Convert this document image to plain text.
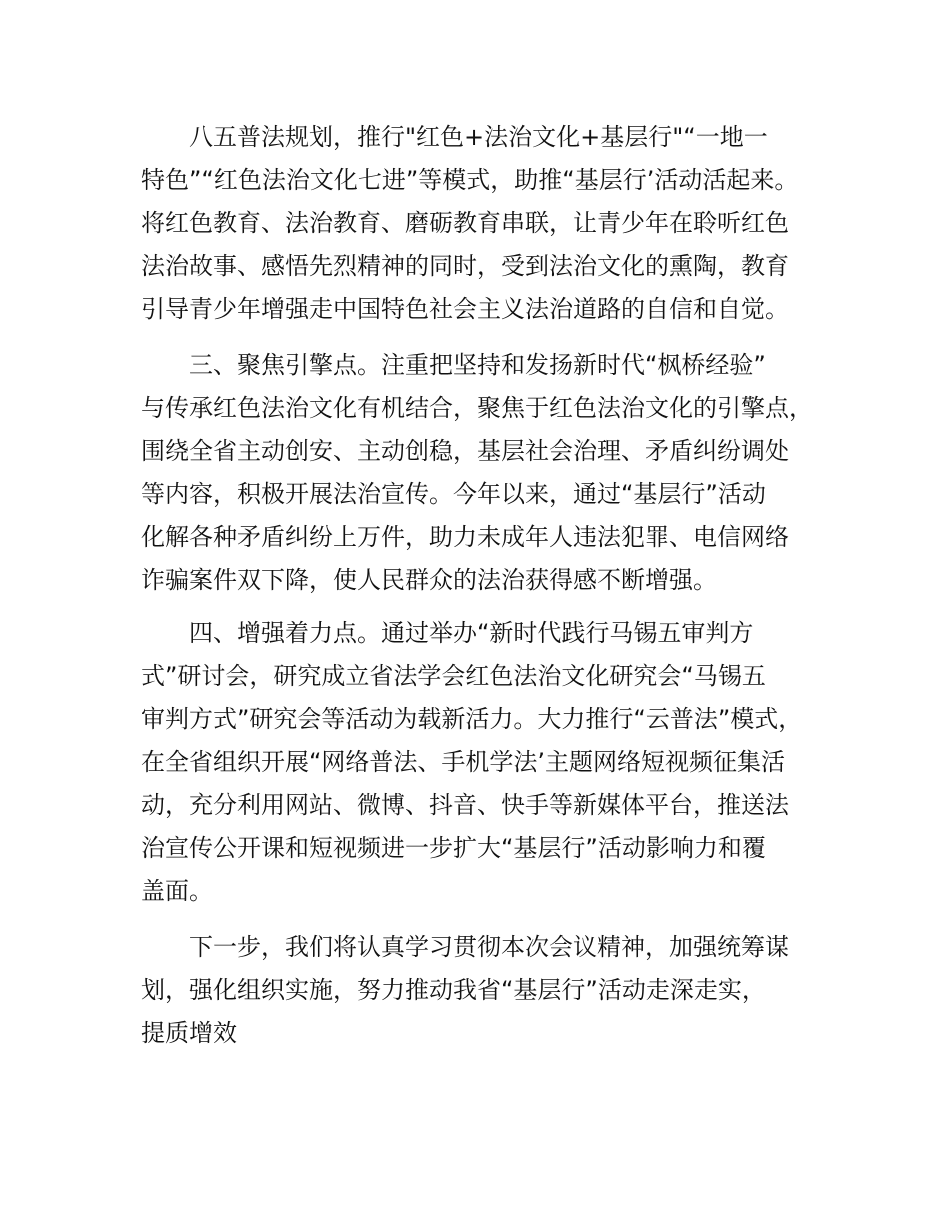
八五普法规划，推行"红色+法治文化+基层行"“一地一
特色”“红色法治文化七进”等模式，助推“基层行’活动活起来。
将红色教育、法治教育、磨砺教育串联，让青少年在聆听红色
法治故事、感悟先烈精神的同时，受到法治文化的熏陶，教育
引导青少年增强走中国特色社会主义法治道路的自信和自觉。
三、聚焦引擎点。注重把坚持和发扬新时代“枫桥经验”
与传承红色法治文化有机结合，聚焦于红色法治文化的引擎点，
围绕全省主动创安、主动创稳，基层社会治理、矛盾纠纷调处
等内容，积极开展法治宣传。今年以来，通过“基层行”活动
化解各种矛盾纠纷上万件，助力未成年人违法犯罪、电信网络
诈骗案件双下降，使人民群众的法治获得感不断增强。
四、增强着力点。通过举办“新时代践行马锡五审判方
式”研讨会，研究成立省法学会红色法治文化研究会“马锡五
审判方式”研究会等活动为载新活力。大力推行“云普法”模式，
在全省组织开展“网络普法、手机学法’主题网络短视频征集活
动，充分利用网站、微博、抖音、快手等新媒体平台，推送法
治宣传公开课和短视频进一步扩大“基层行”活动影响力和覆
盖面。
下一步，我们将认真学习贯彻本次会议精神，加强统筹谋
划，强化组织实施，努力推动我省“基层行”活动走深走实，
提质增效
